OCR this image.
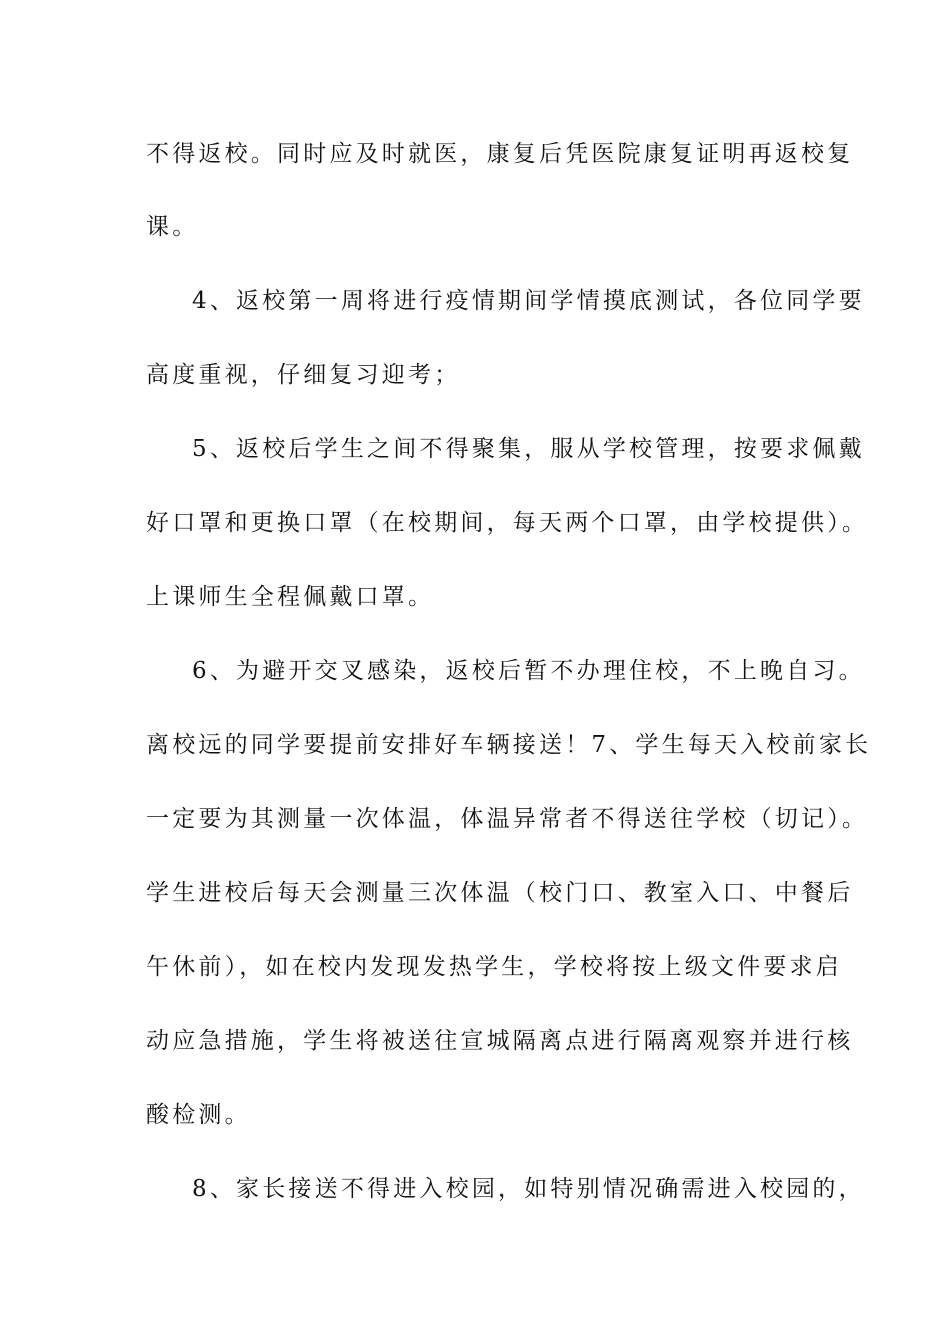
不得返校。同时应及时就医，康复后凭医院康复证明再返校复
课。
4、返校第一周将进行疫情期间学情摸底测试，各位同学要
高度重视，仔细复习迎考；
5、返校后学生之间不得聚集，服从学校管理，按要求佩戴
好口罩和更换口罩（在校期间，每天两个口罩，由学校提供）。
上课师生全程佩戴口罩。
6、为避开交叉感染，返校后暂不办理住校，不上晚自习。
离校远的同学要提前安排好车辆接送！7、学生每天入校前家长
一定要为其测量一次体温，体温异常者不得送往学校（切记）。
学生进校后每天会测量三次体温（校门口、教室入口、中餐后
午休前），如在校内发现发热学生，学校将按上级文件要求启
动应急措施，学生将被送往宣城隔离点进行隔离观察并进行核
酸检测。
8、家长接送不得进入校园，如特别情况确需进入校园的，
